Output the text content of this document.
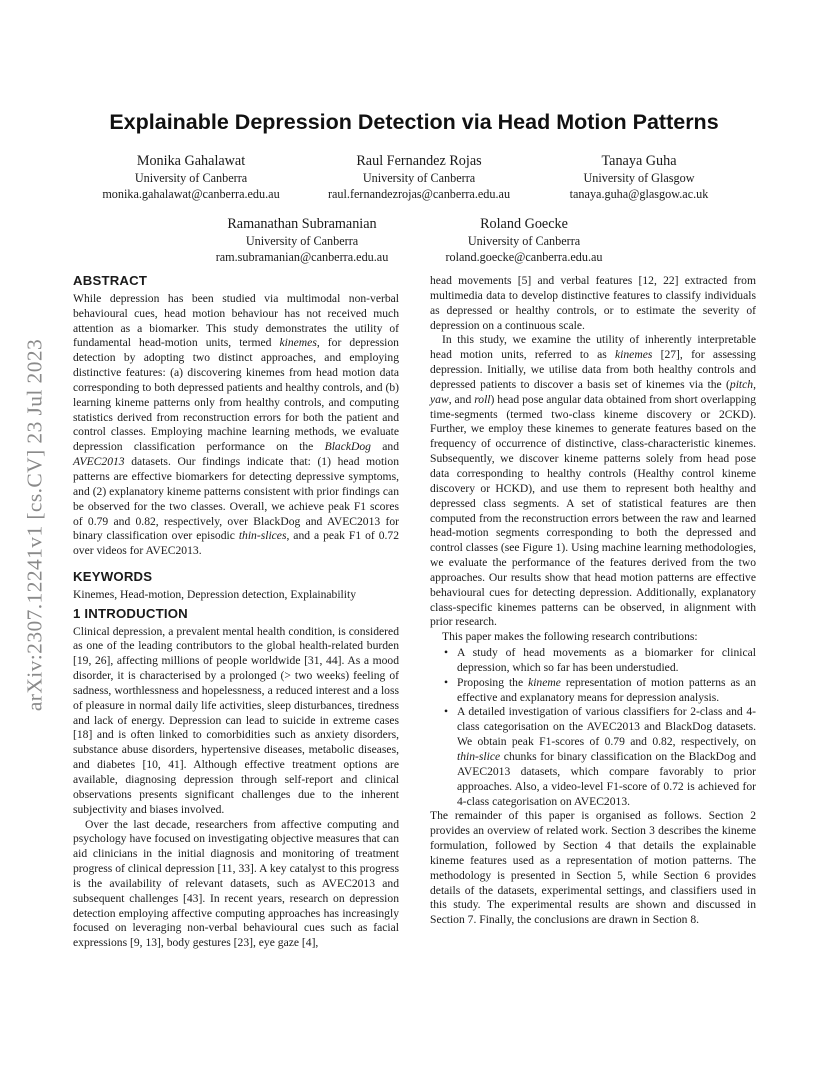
arXiv:2307.12241v1 [cs.CV] 23 Jul 2023
Explainable Depression Detection via Head Motion Patterns
Monika Gahalawat
University of Canberra
monika.gahalawat@canberra.edu.au
Raul Fernandez Rojas
University of Canberra
raul.fernandezrojas@canberra.edu.au
Tanaya Guha
University of Glasgow
tanaya.guha@glasgow.ac.uk
Ramanathan Subramanian
University of Canberra
ram.subramanian@canberra.edu.au
Roland Goecke
University of Canberra
roland.goecke@canberra.edu.au
ABSTRACT

While depression has been studied via multimodal non-verbal behavioural cues, head motion behaviour has not received much attention as a biomarker. This study demonstrates the utility of fundamental head-motion units, termed kinemes, for depression detection by adopting two distinct approaches, and employing distinctive features: (a) discovering kinemes from head motion data corresponding to both depressed patients and healthy controls, and (b) learning kineme patterns only from healthy controls, and computing statistics derived from reconstruction errors for both the patient and control classes. Employing machine learning methods, we evaluate depression classification performance on the BlackDog and AVEC2013 datasets. Our findings indicate that: (1) head motion patterns are effective biomarkers for detecting depressive symptoms, and (2) explanatory kineme patterns consistent with prior findings can be observed for the two classes. Overall, we achieve peak F1 scores of 0.79 and 0.82, respectively, over BlackDog and AVEC2013 for binary classification over episodic thin-slices, and a peak F1 of 0.72 over videos for AVEC2013.

KEYWORDS

Kinemes, Head-motion, Depression detection, Explainability

1 INTRODUCTION

Clinical depression, a prevalent mental health condition, is considered as one of the leading contributors to the global health-related burden [19, 26], affecting millions of people worldwide [31, 44]. As a mood disorder, it is characterised by a prolonged (> two weeks) feeling of sadness, worthlessness and hopelessness, a reduced interest and a loss of pleasure in normal daily life activities, sleep disturbances, tiredness and lack of energy. Depression can lead to suicide in extreme cases [18] and is often linked to comorbidities such as anxiety disorders, substance abuse disorders, hypertensive diseases, metabolic diseases, and diabetes [10, 41]. Although effective treatment options are available, diagnosing depression through self-report and clinical observations presents significant challenges due to the inherent subjectivity and biases involved.

Over the last decade, researchers from affective computing and psychology have focused on investigating objective measures that can aid clinicians in the initial diagnosis and monitoring of treatment progress of clinical depression [11, 33]. A key catalyst to this progress is the availability of relevant datasets, such as AVEC2013 and subsequent challenges [43]. In recent years, research on depression detection employing affective computing approaches has increasingly focused on leveraging non-verbal behavioural cues such as facial expressions [9, 13], body gestures [23], eye gaze [4],

head movements [5] and verbal features [12, 22] extracted from multimedia data to develop distinctive features to classify individuals as depressed or healthy controls, or to estimate the severity of depression on a continuous scale.

In this study, we examine the utility of inherently interpretable head motion units, referred to as kinemes [27], for assessing depression. Initially, we utilise data from both healthy controls and depressed patients to discover a basis set of kinemes via the (pitch, yaw, and roll) head pose angular data obtained from short overlapping time-segments (termed two-class kineme discovery or 2CKD). Further, we employ these kinemes to generate features based on the frequency of occurrence of distinctive, class-characteristic kinemes. Subsequently, we discover kineme patterns solely from head pose data corresponding to healthy controls (Healthy control kineme discovery or HCKD), and use them to represent both healthy and depressed class segments. A set of statistical features are then computed from the reconstruction errors between the raw and learned head-motion segments corresponding to both the depressed and control classes (see Figure 1). Using machine learning methodologies, we evaluate the performance of the features derived from the two approaches. Our results show that head motion patterns are effective behavioural cues for detecting depression. Additionally, explanatory class-specific kinemes patterns can be observed, in alignment with prior research.

This paper makes the following research contributions:

• A study of head movements as a biomarker for clinical depression, which so far has been understudied.
• Proposing the kineme representation of motion patterns as an effective and explanatory means for depression analysis.
• A detailed investigation of various classifiers for 2-class and 4-class categorisation on the AVEC2013 and BlackDog datasets. We obtain peak F1-scores of 0.79 and 0.82, respectively, on thin-slice chunks for binary classification on the BlackDog and AVEC2013 datasets, which compare favorably to prior approaches. Also, a video-level F1-score of 0.72 is achieved for 4-class categorisation on AVEC2013.

The remainder of this paper is organised as follows. Section 2 provides an overview of related work. Section 3 describes the kineme formulation, followed by Section 4 that details the explainable kineme features used as a representation of motion patterns. The methodology is presented in Section 5, while Section 6 provides details of the datasets, experimental settings, and classifiers used in this study. The experimental results are shown and discussed in Section 7. Finally, the conclusions are drawn in Section 8.
